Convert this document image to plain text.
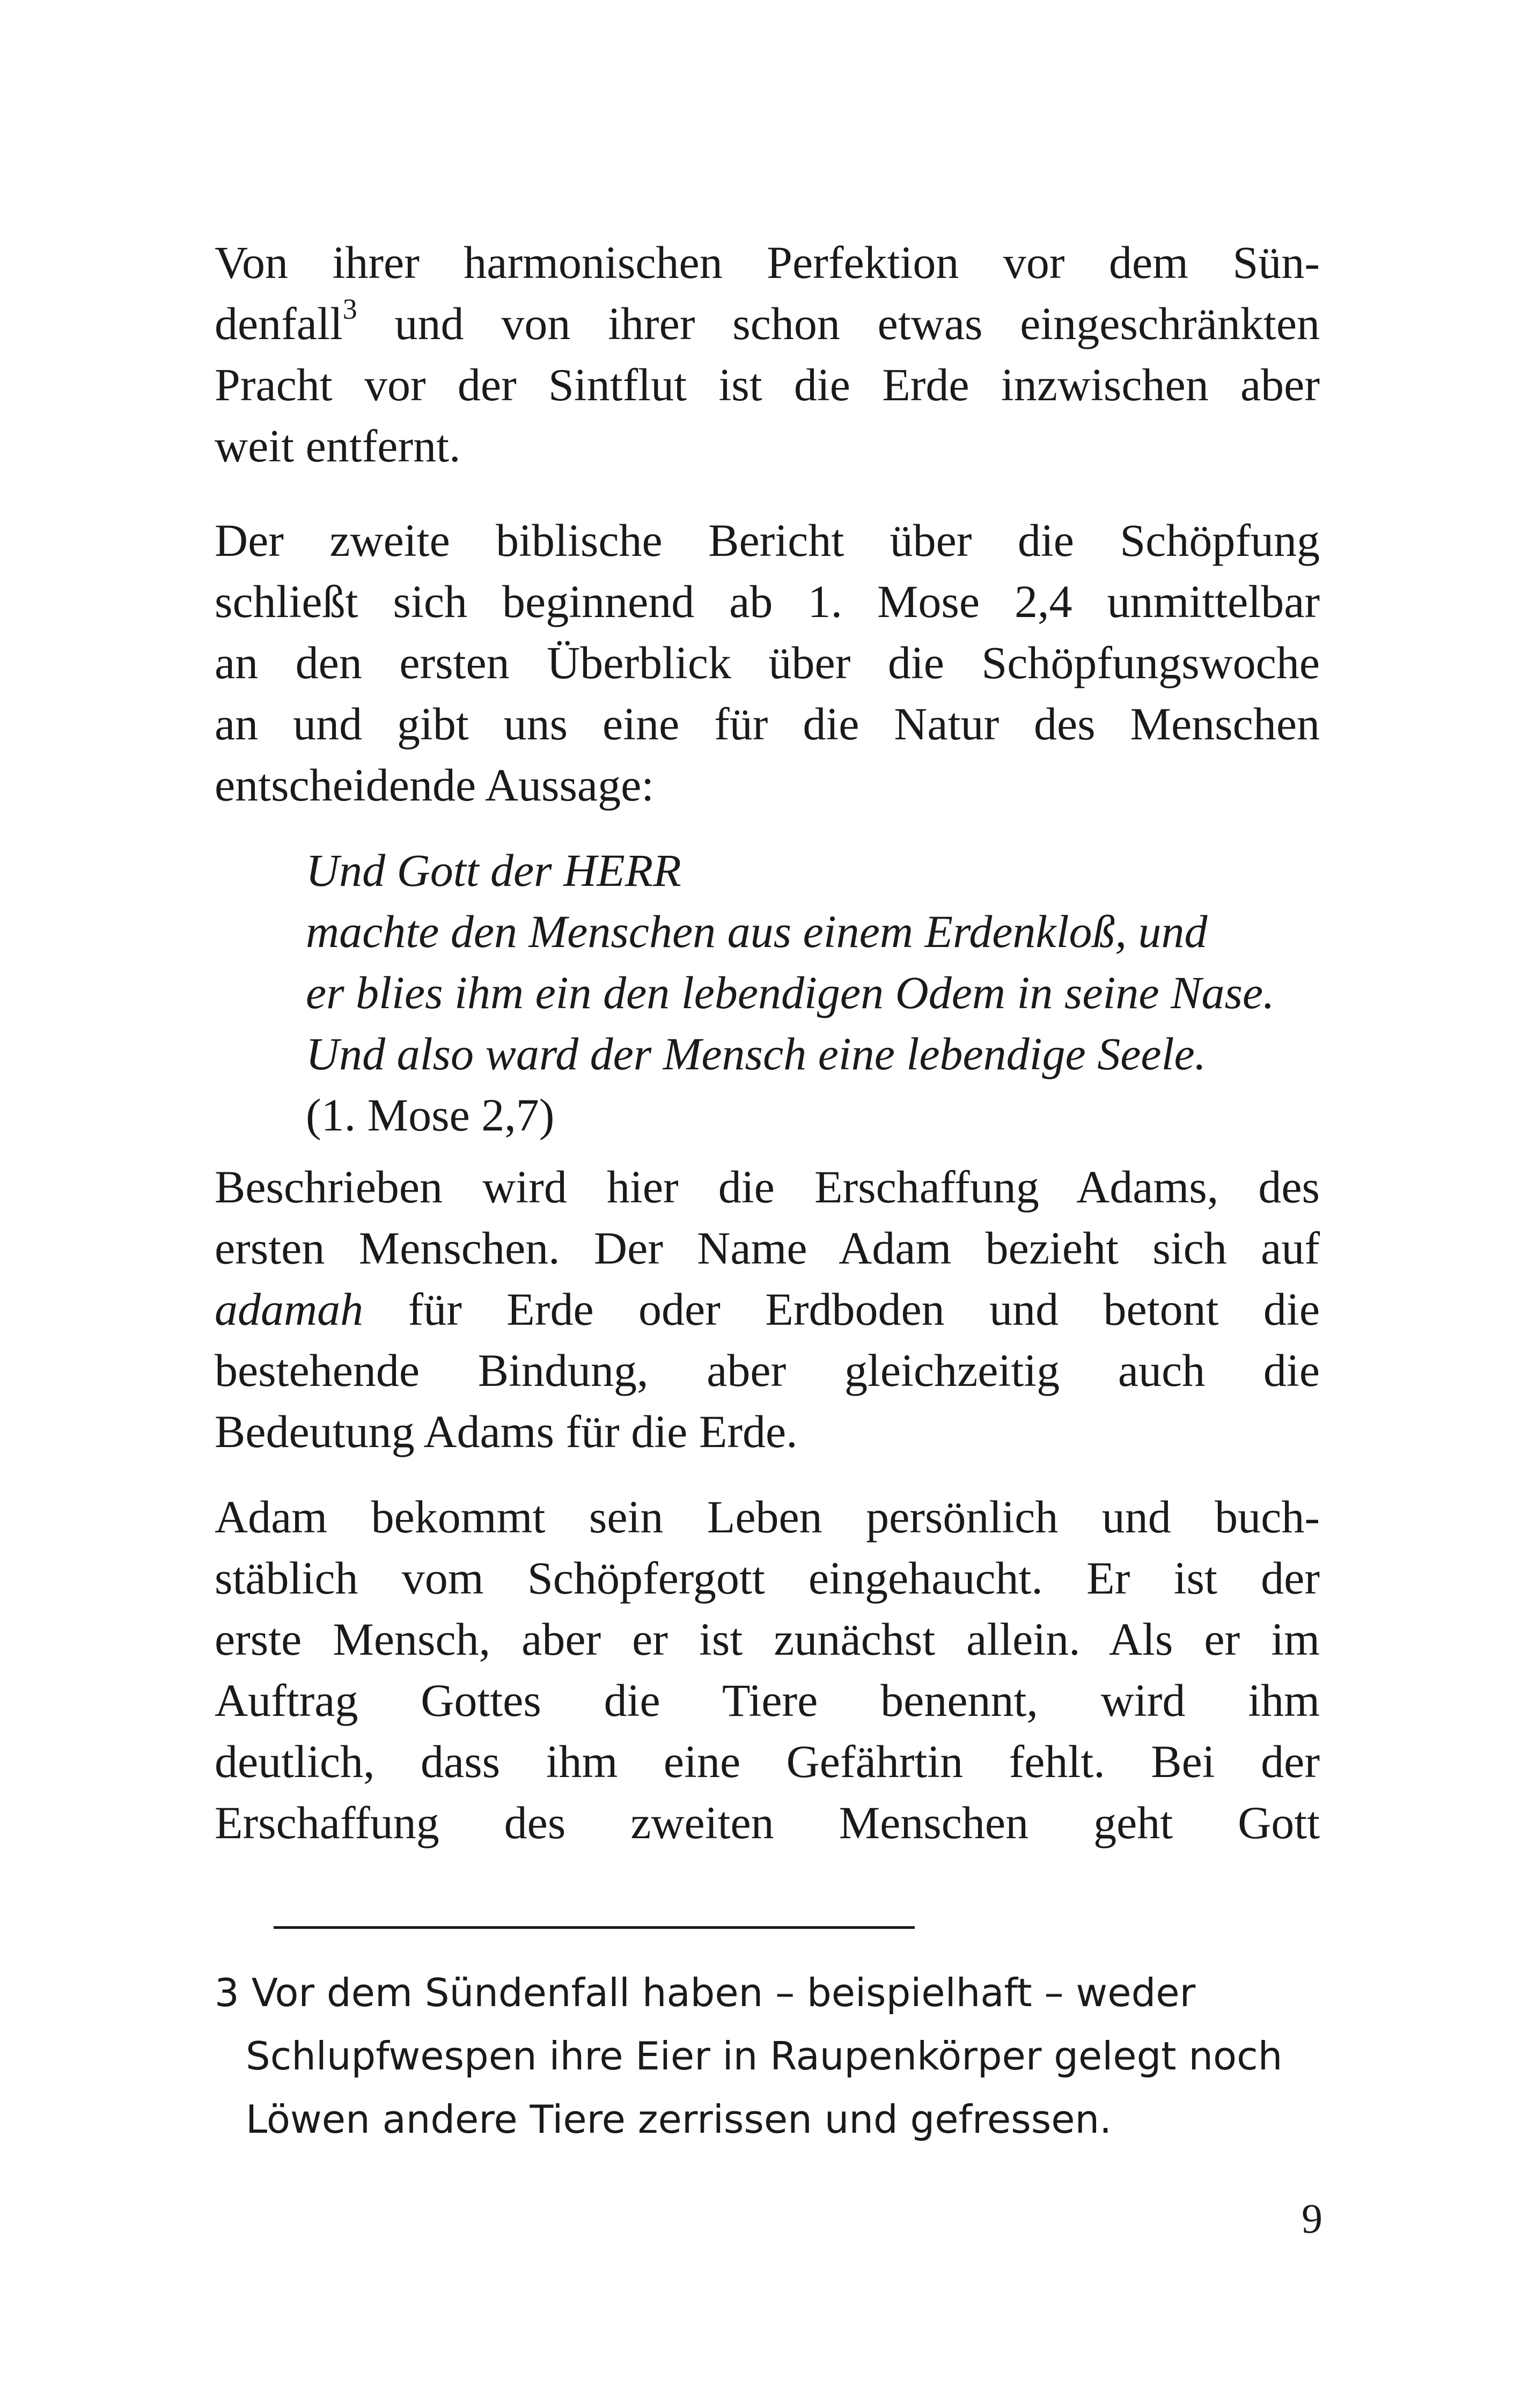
Von ihrer harmonischen Perfektion vor dem Sün-
denfall$^3$ und von ihrer schon etwas eingeschränkten
Pracht vor der Sintflut ist die Erde inzwischen aber
weit entfernt.
Der zweite biblische Bericht über die Schöpfung
schließt sich beginnend ab 1. Mose 2,4 unmittelbar
an den ersten Überblick über die Schöpfungswoche
an und gibt uns eine für die Natur des Menschen
entscheidende Aussage:
Und Gott der HERR
machte den Menschen aus einem Erdenkloß, und
er blies ihm ein den lebendigen Odem in seine Nase.
Und also ward der Mensch eine lebendige Seele.
(1. Mose 2,7)
Beschrieben wird hier die Erschaffung Adams, des
ersten Menschen. Der Name Adam bezieht sich auf
adamah für Erde oder Erdboden und betont die
bestehende Bindung, aber gleichzeitig auch die
Bedeutung Adams für die Erde.
Adam bekommt sein Leben persönlich und buch-
stäblich vom Schöpfergott eingehaucht. Er ist der
erste Mensch, aber er ist zunächst allein. Als er im
Auftrag Gottes die Tiere benennt, wird ihm
deutlich, dass ihm eine Gefährtin fehlt. Bei der
Erschaffung des zweiten Menschen geht Gott
3 Vor dem Sündenfall haben – beispielhaft – weder
Schlupfwespen ihre Eier in Raupenkörper gelegt noch
Löwen andere Tiere zerrissen und gefressen.
9
